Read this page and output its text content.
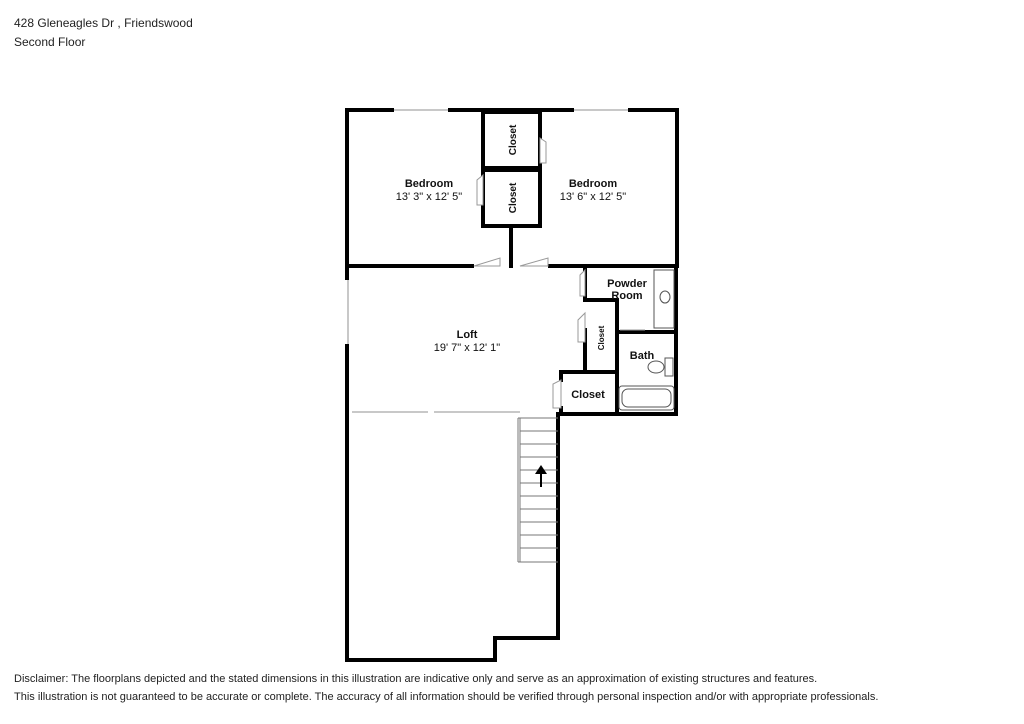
428 Gleneagles Dr , Friendswood
Second Floor
Bedroom
13' 3" x 12' 5"
Bedroom
13' 6" x 12' 5"
Closet
Closet
Powder
Room
Closet
Bath
Closet
Loft
19' 7" x 12' 1"
Disclaimer: The floorplans depicted and the stated dimensions in this illustration are indicative only and serve as an approximation of existing structures and features.
This illustration is not guaranteed to be accurate or complete. The accuracy of all information should be verified through personal inspection and/or with appropriate professionals.
